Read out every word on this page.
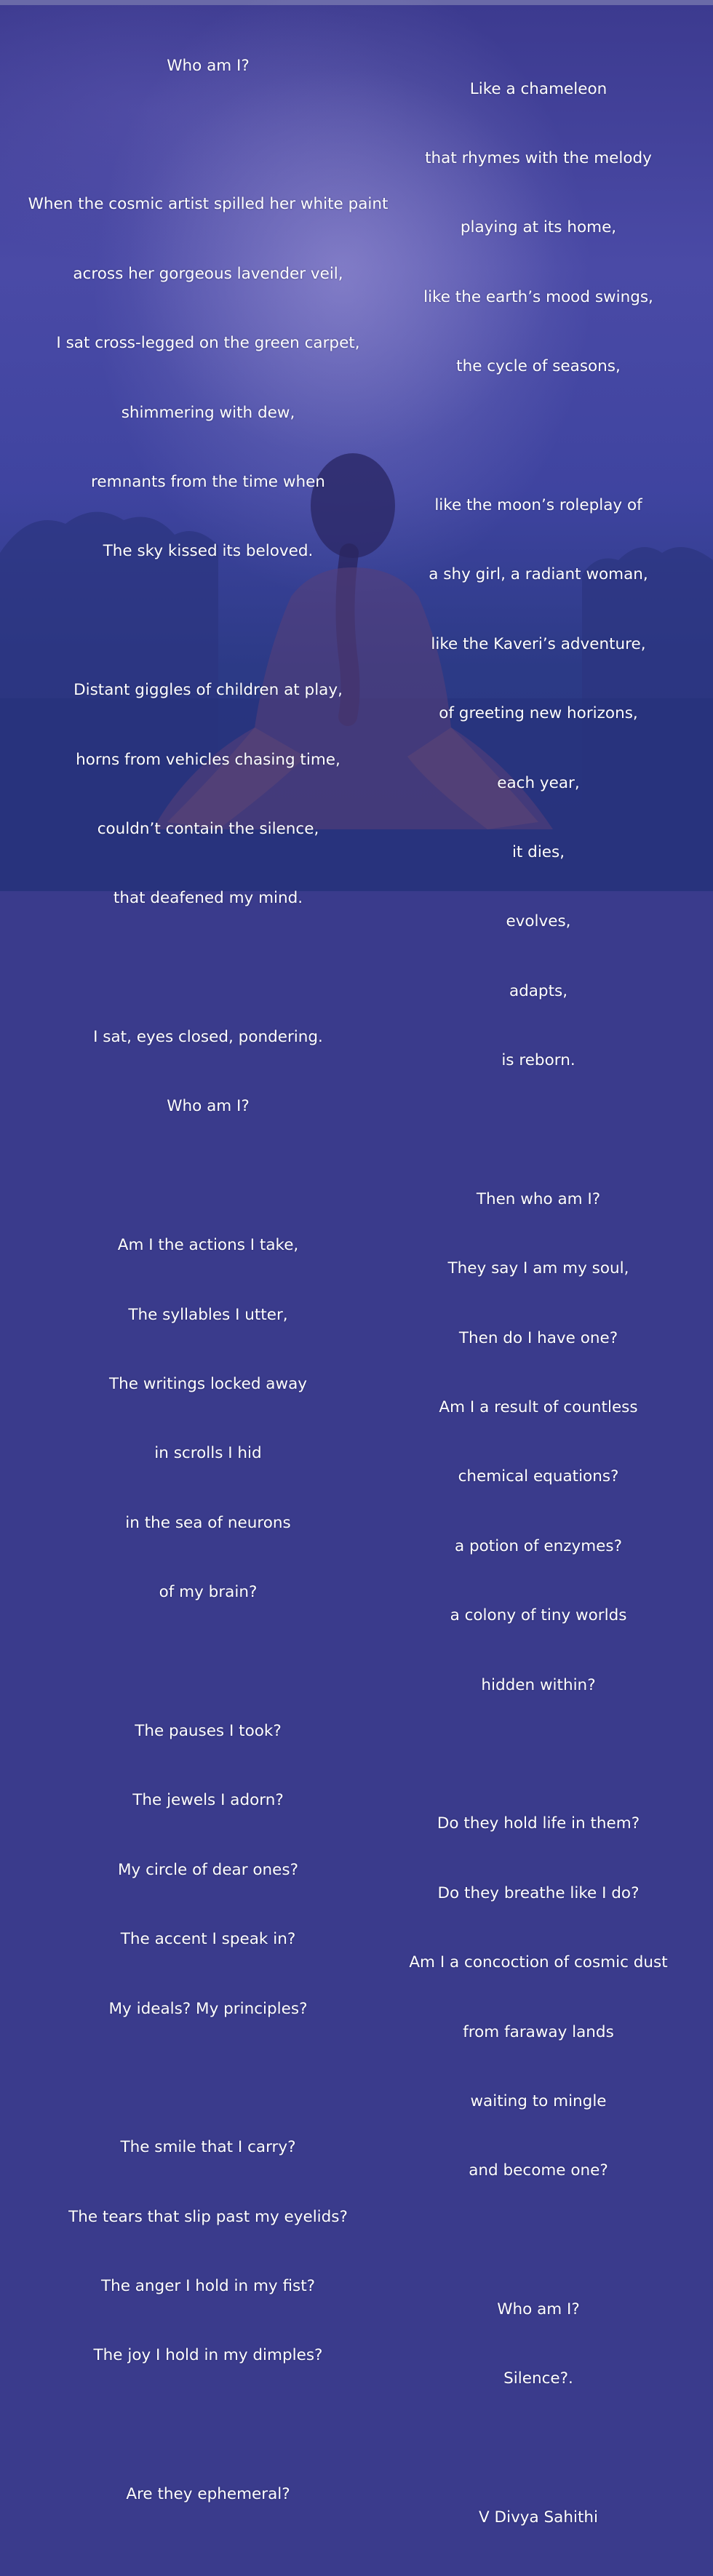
Who am I?

When the cosmic artist spilled her white paint

across her gorgeous lavender veil,

I sat cross-legged on the green carpet,

shimmering with dew,

remnants from the time when

The sky kissed its beloved.

Distant giggles of children at play,

horns from vehicles chasing time,

couldn’t contain the silence,

that deafened my mind.

I sat, eyes closed, pondering.

Who am I?

Am I the actions I take,

The syllables I utter,

The writings locked away

in scrolls I hid

in the sea of neurons

of my brain?

The pauses I took?

The jewels I adorn?

My circle of dear ones?

The accent I speak in?

My ideals? My principles?

The smile that I carry?

The tears that slip past my eyelids?

The anger I hold in my fist?

The joy I hold in my dimples?

Are they ephemeral?

Like a chameleon

that rhymes with the melody

playing at its home,

like the earth’s mood swings,

the cycle of seasons,

like the moon’s roleplay of

a shy girl, a radiant woman,

like the Kaveri’s adventure,

of greeting new horizons,

each year,

it dies,

evolves,

adapts,

is reborn.

Then who am I?

They say I am my soul,

Then do I have one?

Am I a result of countless

chemical equations?

a potion of enzymes?

a colony of tiny worlds

hidden within?

Do they hold life in them?

Do they breathe like I do?

Am I a concoction of cosmic dust

from faraway lands

waiting to mingle

and become one?

Who am I?

Silence?.

V Divya Sahithi
